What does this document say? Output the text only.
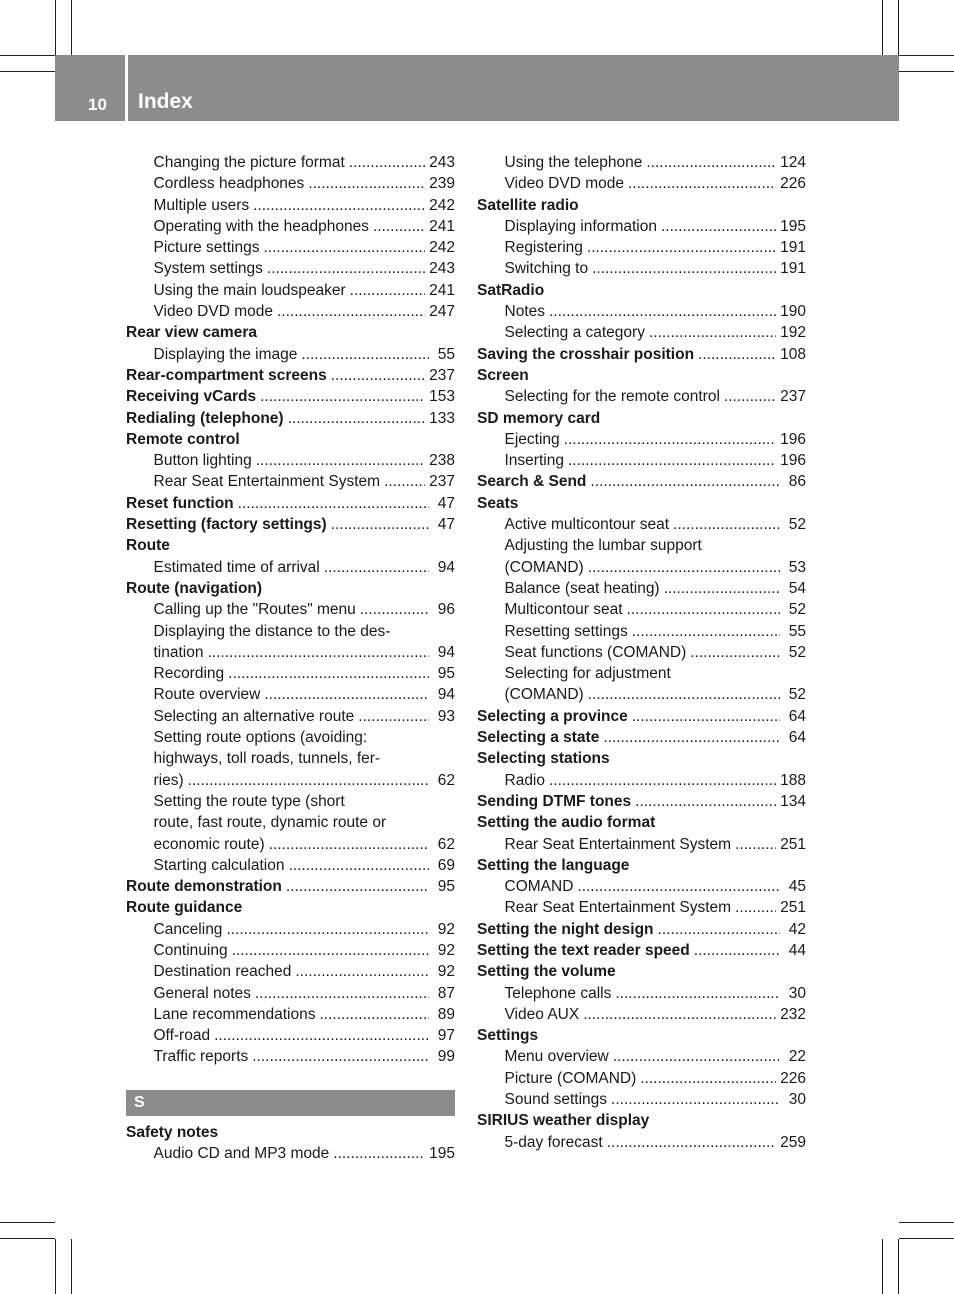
10 Index
Changing the picture format .....	243
Cordless headphones .....	239
Multiple users .....	242
Operating with the headphones .....	241
Picture settings .....	242
System settings .....	243
Using the main loudspeaker .....	241
Video DVD mode .....	247
Rear view camera
Displaying the image .....	55
Rear-compartment screens .....	237
Receiving vCards .....	153
Redialing (telephone) .....	133
Remote control
Button lighting .....	238
Rear Seat Entertainment System .....	237
Reset function .....	47
Resetting (factory settings) .....	47
Route
Estimated time of arrival .....	94
Route (navigation)
Calling up the "Routes" menu .....	96
Displaying the distance to the des-
tination .....	94
Recording .....	95
Route overview .....	94
Selecting an alternative route .....	93
Setting route options (avoiding:
highways, toll roads, tunnels, fer-
ries) .....	62
Setting the route type (short
route, fast route, dynamic route or
economic route) .....	62
Starting calculation .....	69
Route demonstration .....	95
Route guidance
Canceling .....	92
Continuing .....	92
Destination reached .....	92
General notes .....	87
Lane recommendations .....	89
Off-road .....	97
Traffic reports .....	99
S
Safety notes
Audio CD and MP3 mode .....	195
Using the telephone .....	124
Video DVD mode .....	226
Satellite radio
Displaying information .....	195
Registering .....	191
Switching to .....	191
SatRadio
Notes .....	190
Selecting a category .....	192
Saving the crosshair position .....	108
Screen
Selecting for the remote control .....	237
SD memory card
Ejecting .....	196
Inserting .....	196
Search & Send .....	86
Seats
Active multicontour seat .....	52
Adjusting the lumbar support
(COMAND) .....	53
Balance (seat heating) .....	54
Multicontour seat .....	52
Resetting settings .....	55
Seat functions (COMAND) .....	52
Selecting for adjustment
(COMAND) .....	52
Selecting a province .....	64
Selecting a state .....	64
Selecting stations
Radio .....	188
Sending DTMF tones .....	134
Setting the audio format
Rear Seat Entertainment System .....	251
Setting the language
COMAND .....	45
Rear Seat Entertainment System .....	251
Setting the night design .....	42
Setting the text reader speed .....	44
Setting the volume
Telephone calls .....	30
Video AUX .....	232
Settings
Menu overview .....	22
Picture (COMAND) .....	226
Sound settings .....	30
SIRIUS weather display
5-day forecast .....	259
